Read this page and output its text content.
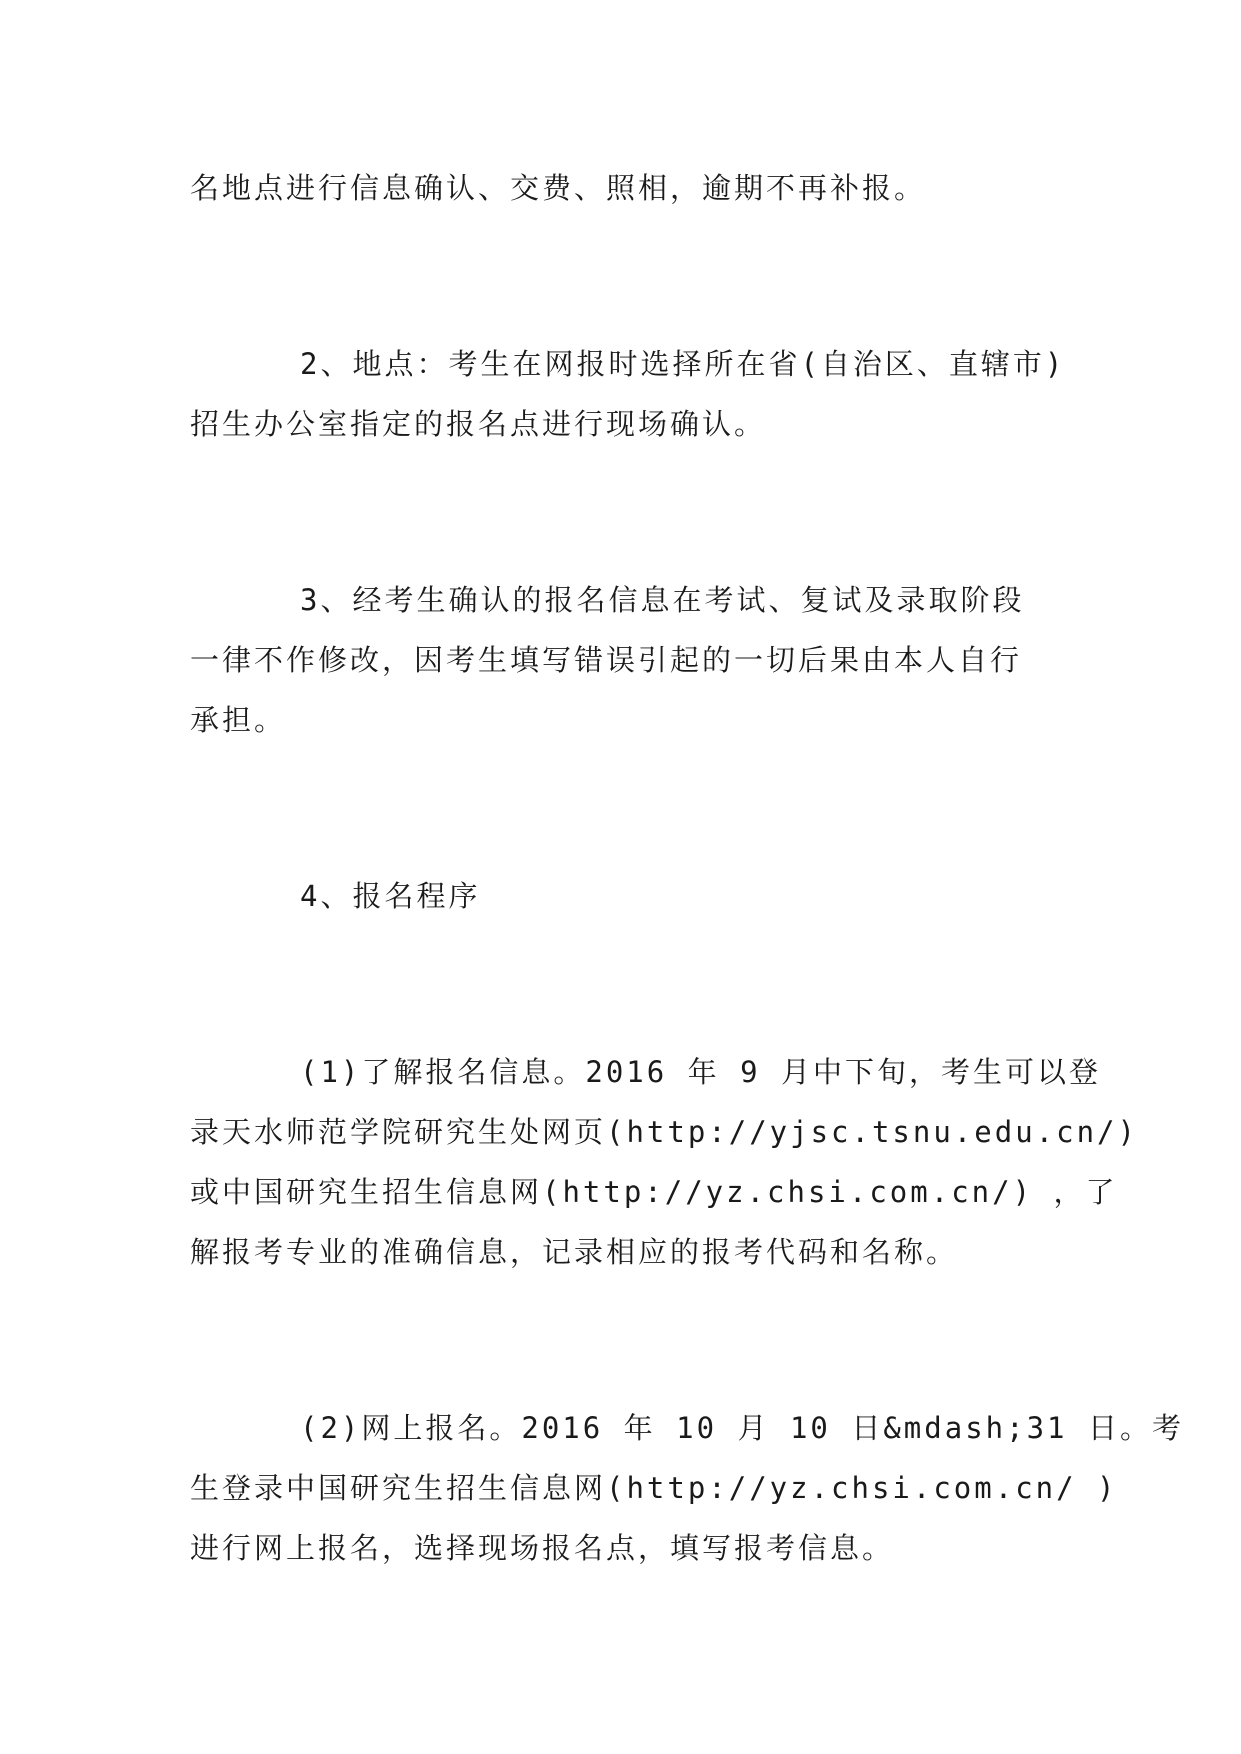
名地点进行信息确认、交费、照相，逾期不再补报。

2、地点：考生在网报时选择所在省(自治区、直辖市)

招生办公室指定的报名点进行现场确认。

3、经考生确认的报名信息在考试、复试及录取阶段

一律不作修改，因考生填写错误引起的一切后果由本人自行

承担。

4、报名程序

(1)了解报名信息。2016 年 9 月中下旬，考生可以登

录天水师范学院研究生处网页(http://yjsc.tsnu.edu.cn/)

或中国研究生招生信息网(http://yz.chsi.com.cn/) ，了

解报考专业的准确信息，记录相应的报考代码和名称。

(2)网上报名。2016 年 10 月 10 日&mdash;31 日。考

生登录中国研究生招生信息网(http://yz.chsi.com.cn/ )

进行网上报名，选择现场报名点，填写报考信息。
